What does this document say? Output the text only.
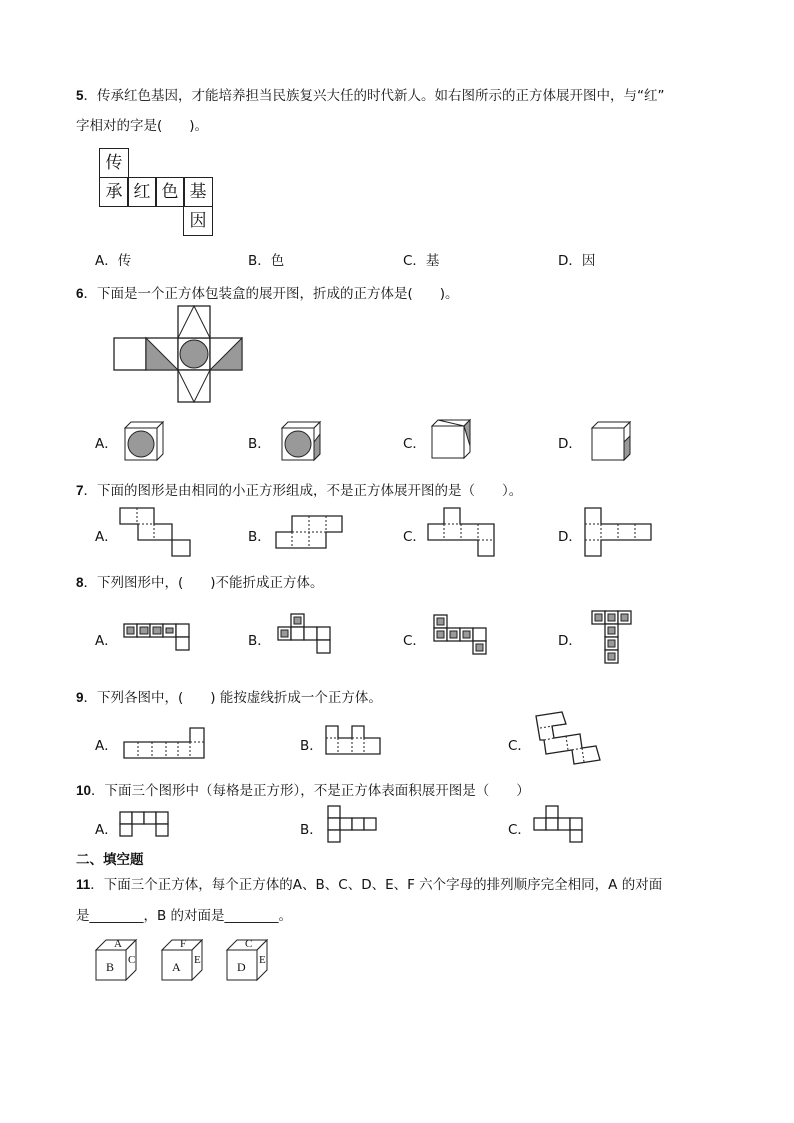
5．传承红色基因，才能培养担当民族复兴大任的时代新人。如右图所示的正方体展开图中，与“红”
字相对的字是(　　)。
传
承 红 色 基
因
A．传	B．色	C．基	D．因
6．下面是一个正方体包装盒的展开图，折成的正方体是(　　)。
A．	B．	C．	D．
7．下面的图形是由相同的小正方形组成，不是正方体展开图的是（　　）。
A．	B．	C．	D．
8．下列图形中，(　　)不能折成正方体。
A．	B．	C．	D．
9．下列各图中，(　　) 能按虚线折成一个正方体。
A．	B．	C．
10．下面三个图形中（每格是正方形），不是正方体表面积展开图是（　　）
A．	B．	C．
二、填空题
11．下面三个正方体，每个正方体的A、B、C、D、E、F 六个字母的排列顺序完全相同，A 的对面
是________，B 的对面是________。
A
B C
F
A E
C
D E
